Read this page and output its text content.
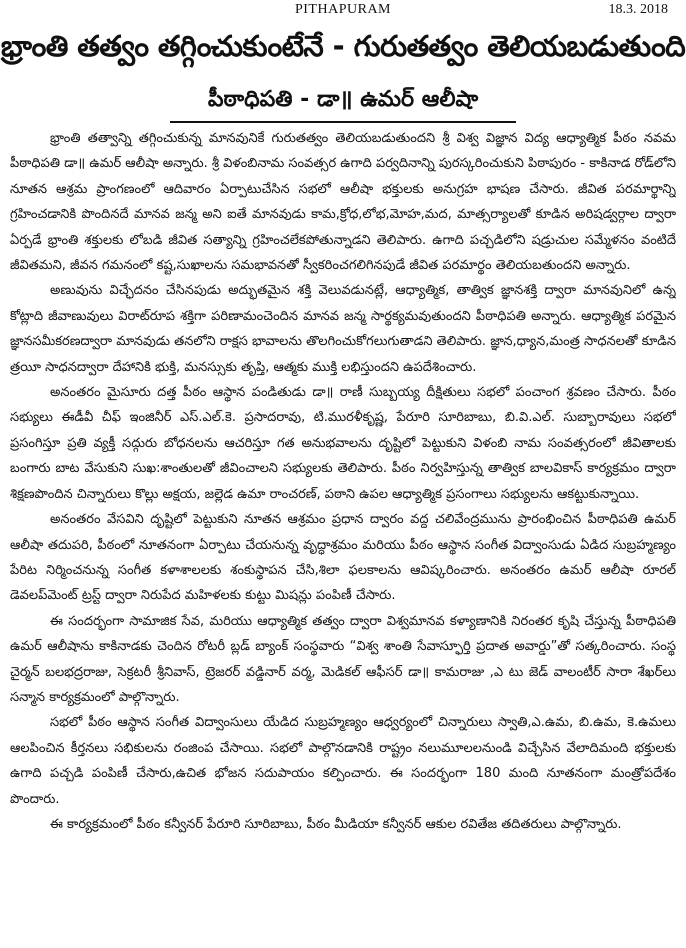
PITHAPURAM	18.3. 2018
భ్రాంతి తత్వం తగ్గించుకుంటేనే - గురుతత్వం తెలియబడుతుంది
పీఠాధిపతి - డా॥ ఉమర్ ఆలీషా

భ్రాంతి తత్వాన్ని తగ్గించుకున్న మానవునికే గురుతత్వం తెలియబడుతుందని శ్రీ విశ్వ విజ్ఞాన విద్య ఆధ్యాత్మిక పీఠం నవమ పీఠాధిపతి డా॥ ఉమర్ ఆలీషా అన్నారు. శ్రీ విళంబినామ సంవత్సర ఉగాది పర్వదినాన్ని పురస్కరించుకుని పిఠాపురం - కాకినాడ రోడ్‌లోని నూతన ఆశ్రమ ప్రాంగణంలో ఆదివారం ఏర్పాటుచేసిన సభలో ఆలీషా భక్తులకు అనుగ్రహ భాషణ చేసారు. జీవిత పరమార్థాన్ని గ్రహించడానికి పొందినదే మానవ జన్మ అని ఐతే మానవుడు కామ,క్రోధ,లోభ,మోహ,మద, మాత్సర్యాలతో కూడిన అరిషడ్వర్గాల ద్వారా ఏర్పడే భ్రాంతి శక్తులకు లోబడి జీవిత సత్యాన్ని గ్రహించలేకపోతున్నాడని తెలిపారు. ఉగాది పచ్చడిలోని షడ్రుచుల సమ్మేళనం వంటిదే జీవితమని, జీవన గమనంలో కష్ట,సుఖాలను సమభావనతో స్వీకరించగలిగినపుడే జీవిత పరమార్థం తెలియబతుందని అన్నారు.

అణువును విచ్ఛేదనం చేసినపుడు అద్భుతమైన శక్తి వెలువడునట్లే, ఆధ్యాత్మిక, తాత్విక జ్ఞానశక్తి ద్వారా మానవునిలో ఉన్న కోట్లాది జీవాణువులు విరాట్‌రూప శక్తిగా పరిణామంచెందిన మానవ జన్మ సార్థక్యమవుతుందని పీఠాధిపతి అన్నారు. ఆధ్యాత్మిక పరమైన జ్ఞానసమీకరణద్వారా మానవుడు తనలోని రాక్షస భావాలను తొలగించుకోగలుగుతాడని తెలిపారు. జ్ఞాన,ధ్యాన,మంత్ర సాధనలతో కూడిన త్రయీ సాధనద్వారా దేహానికి భుక్తి, మనస్సుకు తృప్తి, ఆత్మకు ముక్తి లభిస్తుందని ఉపదేశించారు.

అనంతరం మైసూరు దత్త పీఠం ఆస్థాన పండితుడు డా॥ రాణీ సుబ్బయ్య దీక్షితులు సభలో పంచాంగ శ్రవణం చేసారు. పీఠం సభ్యులు ఈడీవీ చీఫ్ ఇంజినీర్ ఎస్.ఎల్.కె. ప్రసాదరావు, టి.మురళీకృష్ణ, పేరూరి సూరిబాబు, బి.వి.ఎల్. సుబ్బారావులు సభలో ప్రసంగిస్తూ ప్రతి వ్యక్తీ సద్గురు బోధనలను ఆచరిస్తూ గత అనుభవాలను దృష్టిలో పెట్టుకుని విళంబి నామ సంవత్సరంలో జీవితాలకు బంగారు బాట వేసుకుని సుఖ:శాంతులతో జీవించాలని సభ్యులకు తెలిపారు. పీఠం నిర్వహిస్తున్న తాత్విక బాలవికాస్ కార్యక్రమం ద్వారా శిక్షణపొందిన చిన్నారులు కొల్లు అక్షయ, జల్లెడ ఉమా రాంచరణ్, పఠాని ఉపల ఆధ్యాత్మిక ప్రసంగాలు సభ్యులను ఆకట్టుకున్నాయి.

అనంతరం వేసవిని దృష్టిలో పెట్టుకుని నూతన ఆశ్రమం ప్రధాన ద్వారం వద్ద చలివేంద్రమును ప్రారంభించిన పీఠాధిపతి ఉమర్ ఆలీషా తదుపరి, పీఠంలో నూతనంగా ఏర్పాటు చేయనున్న వృద్ధాశ్రమం మరియు పీఠం ఆస్థాన సంగీత విద్వాంసుడు ఏడిద సుబ్రహ్మణ్యం పేరిట నిర్మించనున్న సంగీత కళాశాలలకు శంకుస్థాపన చేసి,శిలా ఫలకాలను ఆవిష్కరించారు. అనంతరం ఉమర్ ఆలీషా రూరల్ డెవలప్‌మెంట్ ట్రస్ట్ ద్వారా నిరుపేద మహిళలకు కుట్టు మిషన్లు పంపిణీ చేసారు.

ఈ సందర్భంగా సామాజిక సేవ, మరియు ఆధ్యాత్మిక తత్వం ద్వారా విశ్వమానవ కళ్యాణానికి నిరంతర కృషి చేస్తున్న పీఠాధిపతి ఉమర్ ఆలీషాను కాకినాడకు చెందిన రోటరీ బ్లడ్ బ్యాంక్ సంస్థవారు “విశ్వ శాంతి సేవాస్ఫూర్తి ప్రదాత అవార్డు”తో సత్కరించారు. సంస్థ చైర్మన్ బలభద్రరాజు, సెక్రటరీ శ్రీనివాస్, ట్రెజరర్ వడ్డినార్ వర్మ, మెడికల్ ఆఫీసర్ డా॥ కామరాజు ,ఎ టు జెడ్ వాలంటీర్ సారా శేఖర్‌లు సన్మాన కార్యక్రమంలో పాల్గొన్నారు.

సభలో పీఠం ఆస్థాన సంగీత విద్వాంసులు యేడిద సుబ్రహ్మణ్యం ఆధ్వర్యంలో చిన్నారులు స్వాతి,ఎ.ఉమ, బి.ఉమ, కె.ఉమలు ఆలపించిన కీర్తనలు సభికులను రంజింప చేసాయి. సభలో పాల్గొనడానికి రాష్ట్రం నలుమూలలనుండి విచ్చేసిన వేలాదిమంది భక్తులకు ఉగాది పచ్చడి పంపిణీ చేసారు,ఉచిత భోజన సదుపాయం కల్పించారు. ఈ సందర్భంగా 180 మంది నూతనంగా మంత్రోపదేశం పొందారు.

ఈ కార్యక్రమంలో పీఠం కన్వీనర్ పేరూరి సూరిబాబు, పీఠం మీడియా కన్వీనర్ ఆకుల రవితేజ తదితరులు పాల్గొన్నారు.
